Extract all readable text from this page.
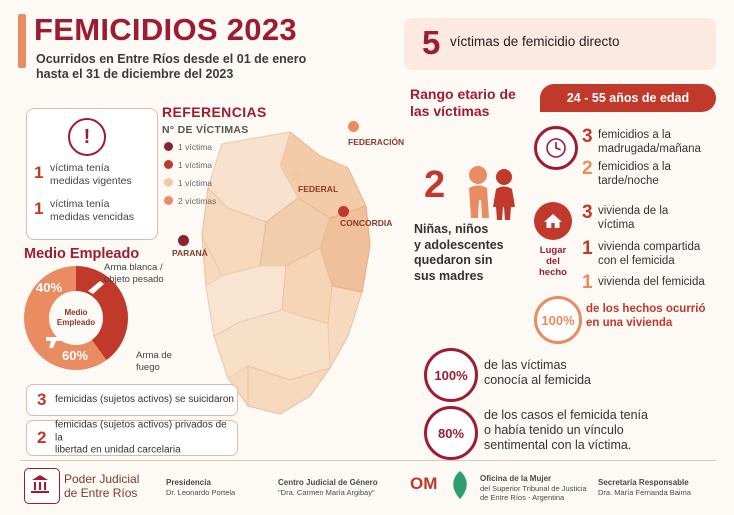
FEMICIDIOS 2023
Ocurridos en Entre Ríos desde el 01 de enero
hasta el 31 de diciembre del 2023
5 víctimas de femicidio directo
Rango etario de
las víctimas
24 - 55 años de edad
3 femicidios a la
madrugada/mañana
2 femicidios a la
tarde/noche
Lugar
del
hecho
3 vivienda de la
víctima
1 vivienda compartida
con el femicida
1 vivienda del femicida
100%
de los hechos ocurrió
en una vivienda
100%
de las víctimas
conocía al femicida
80%
de los casos el femicida tenía
o había tenido un vínculo
sentimental con la víctima.
2
Niñas, niños
y adolescentes
quedaron sin
sus madres
!
1 víctima tenía
medidas vigentes
1 víctima tenía
medidas vencidas
FEDERACIÓN
FEDERAL
CONCORDIA
PARANÁ
REFERENCIAS
N° DE VÍCTIMAS
1 víctima
1 víctima
1 víctima
2 víctimas
Medio Empleado
Medio
Empleado
40%
60%
Arma blanca /
objeto pesado
Arma de
fuego
3 femicidas (sujetos activos) se suicidaron
2
femicidas (sujetos activos) privados de la
libertad en unidad carcelaria
Poder Judicial
de Entre Ríos
Presidencia
Dr. Leonardo Portela
Centro Judicial de Género
"Dra. Carmen María Argibay" OM	Oficina de la Mujer
del Superior Tribunal de Justicia
de Entre Ríos - Argentina
Secretaría Responsable
Dra. María Fernanda Baima
